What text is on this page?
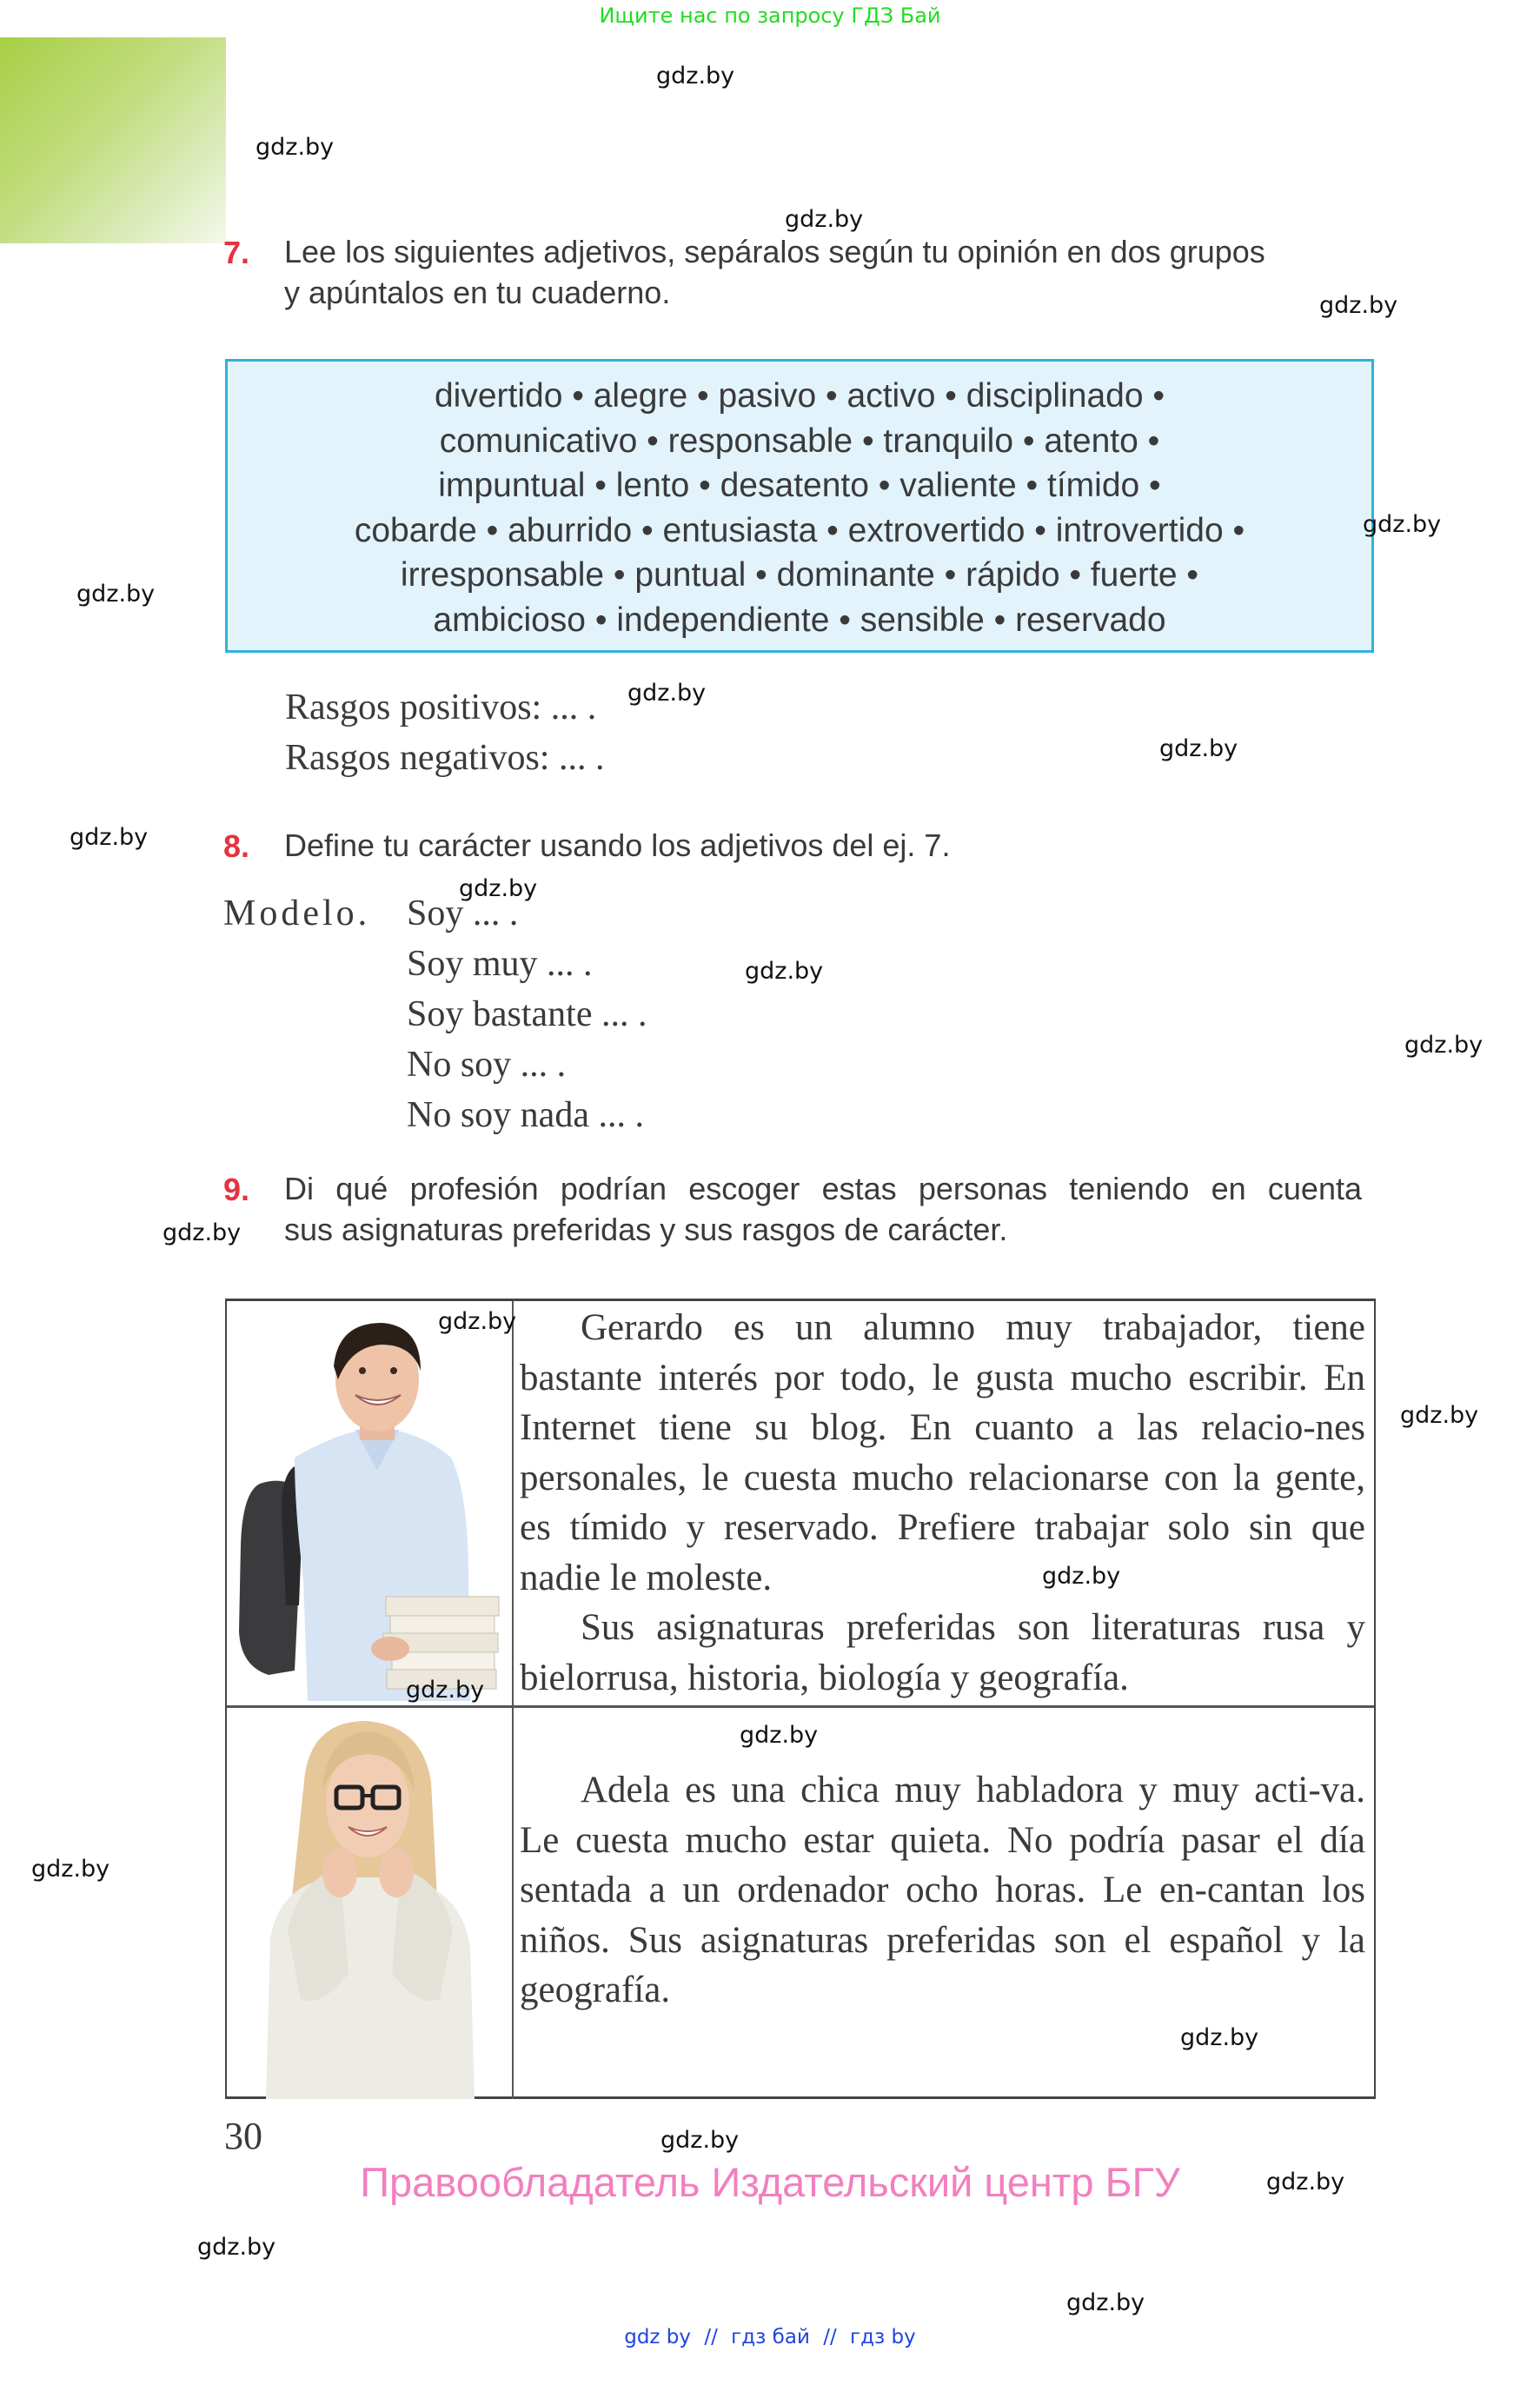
Ищите нас по запросу ГДЗ Бай
7. Lee los siguientes adjetivos, sepáralos según tu opinión en dos grupos
y apúntalos en tu cuaderno.
divertido • alegre • pasivo • activo • disciplinado •
comunicativo • responsable • tranquilo • atento •
impuntual • lento • desatento • valiente • tímido •
cobarde • aburrido • entusiasta • extrovertido • introvertido •
irresponsable • puntual • dominante • rápido • fuerte •
ambicioso • independiente • sensible • reservado
Rasgos positivos: ... .
Rasgos negativos: ... .
8. Define tu carácter usando los adjetivos del ej. 7.
Modelo. Soy ... .
Soy muy ... .
Soy bastante ... .
No soy ... .
No soy nada ... .
9. Di qué profesión podrían escoger estas personas teniendo en cuenta
sus asignaturas preferidas y sus rasgos de carácter.

Gerardo es un alumno muy trabajador, tiene bastante interés por todo, le gusta mucho escribir. En Internet tiene su blog. En cuanto a las relacio-nes personales, le cuesta mucho relacionarse con la gente, es tímido y reservado. Prefiere trabajar solo sin que nadie le moleste.

Sus asignaturas preferidas son literaturas rusa y bielorrusa, historia, biología y geografía.

Adela es una chica muy habladora y muy acti-va. Le cuesta mucho estar quieta. No podría pasar el día sentada a un ordenador ocho horas. Le en-cantan los niños. Sus asignaturas preferidas son el español y la geografía.

30
Правообладатель Издательский центр БГУ
gdz by // гдз бай // гдз by
gdz.by
gdz.by
gdz.by
gdz.by
gdz.by
gdz.by
gdz.by
gdz.by
gdz.by
gdz.by
gdz.by
gdz.by
gdz.by
gdz.by
gdz.by
gdz.by
gdz.by
gdz.by
gdz.by
gdz.by
gdz.by
gdz.by
gdz.by
gdz.by
